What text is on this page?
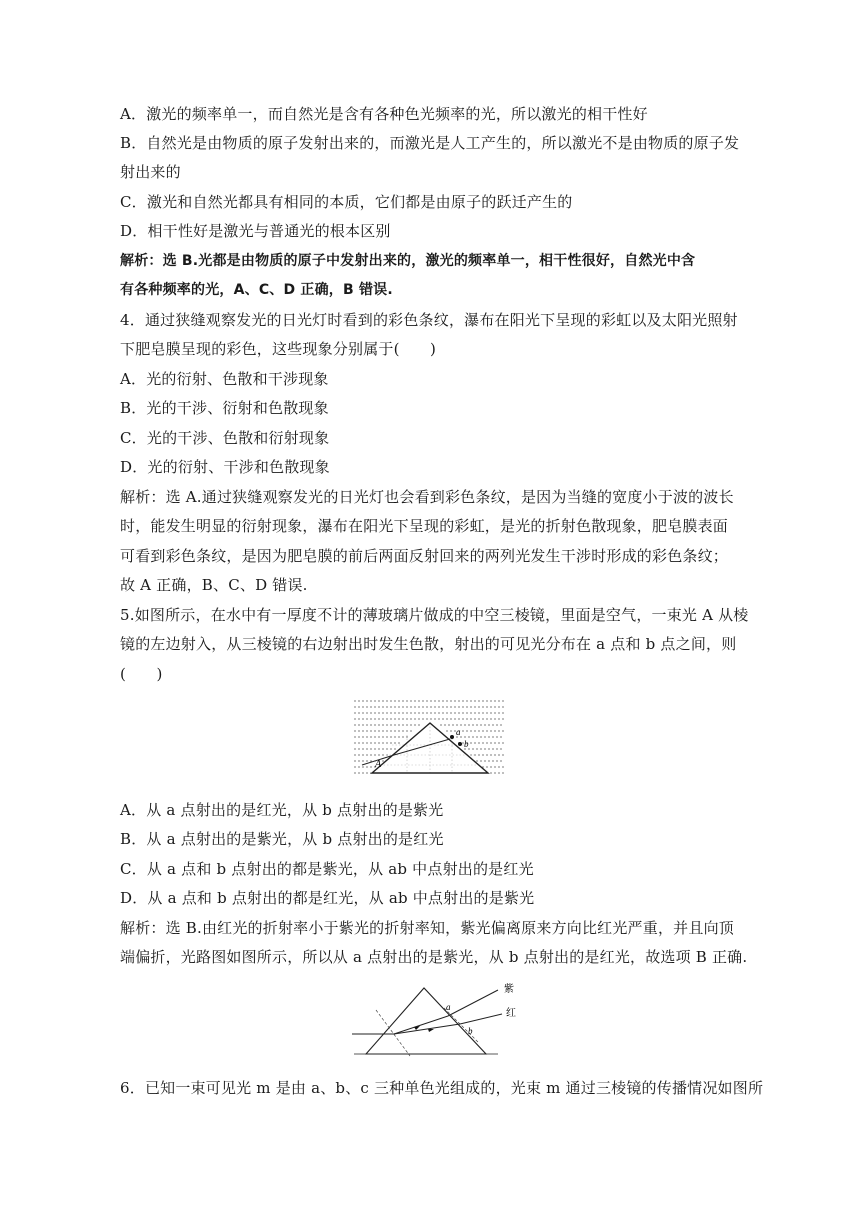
A．激光的频率单一，而自然光是含有各种色光频率的光，所以激光的相干性好
B．自然光是由物质的原子发射出来的，而激光是人工产生的，所以激光不是由物质的原子发
射出来的
C．激光和自然光都具有相同的本质，它们都是由原子的跃迁产生的
D．相干性好是激光与普通光的根本区别
解析：选 B.光都是由物质的原子中发射出来的，激光的频率单一，相干性很好，自然光中含
有各种频率的光，A、C、D 正确，B 错误.
4．通过狭缝观察发光的日光灯时看到的彩色条纹，瀑布在阳光下呈现的彩虹以及太阳光照射
下肥皂膜呈现的彩色，这些现象分别属于(　　)
A．光的衍射、色散和干涉现象
B．光的干涉、衍射和色散现象
C．光的干涉、色散和衍射现象
D．光的衍射、干涉和色散现象
解析：选 A.通过狭缝观察发光的日光灯也会看到彩色条纹，是因为当缝的宽度小于波的波长
时，能发生明显的衍射现象，瀑布在阳光下呈现的彩虹，是光的折射色散现象，肥皂膜表面
可看到彩色条纹，是因为肥皂膜的前后两面反射回来的两列光发生干涉时形成的彩色条纹；
故 A 正确，B、C、D 错误.
5.如图所示，在水中有一厚度不计的薄玻璃片做成的中空三棱镜，里面是空气，一束光 A 从棱
镜的左边射入，从三棱镜的右边射出时发生色散，射出的可见光分布在 a 点和 b 点之间，则
(　　)
a
b
A
A．从 a 点射出的是红光，从 b 点射出的是紫光
B．从 a 点射出的是紫光，从 b 点射出的是红光
C．从 a 点和 b 点射出的都是紫光，从 ab 中点射出的是红光
D．从 a 点和 b 点射出的都是红光，从 ab 中点射出的是紫光
解析：选 B.由红光的折射率小于紫光的折射率知，紫光偏离原来方向比红光严重，并且向顶
端偏折，光路图如图所示，所以从 a 点射出的是紫光，从 b 点射出的是红光，故选项 B 正确.
紫
红
a
b
6．已知一束可见光 m 是由 a、b、c 三种单色光组成的，光束 m 通过三棱镜的传播情况如图所
